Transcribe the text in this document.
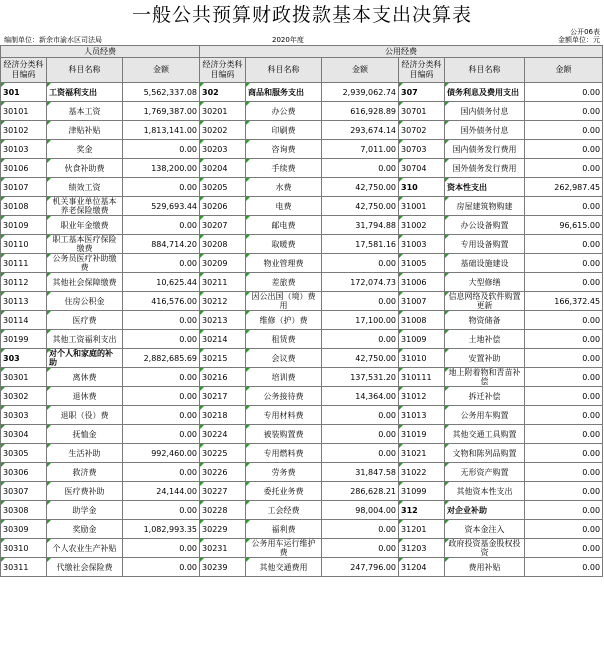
一般公共预算财政拨款基本支出决算表
公开06表
编制单位：新余市渝水区司法局	2020年度	金额单位：元
人员经费			公用经费					
经济分类科目编码	科目名称	金额	经济分类科目编码	科目名称	金额	经济分类科目编码	科目名称	金额
301	工资福利支出	5,562,337.08	302	商品和服务支出	2,939,062.74	307	债务利息及费用支出	0.00
30101	基本工资	1,769,387.00	30201	办公费	616,928.89	30701	国内债务付息	0.00
30102	津贴补贴	1,813,141.00	30202	印刷费	293,674.14	30702	国外债务付息	0.00
30103	奖金	0.00	30203	咨询费	7,011.00	30703	国内债务发行费用	0.00
30106	伙食补助费	138,200.00	30204	手续费	0.00	30704	国外债务发行费用	0.00
30107	绩效工资	0.00	30205	水费	42,750.00	310	资本性支出	262,987.45
30108	机关事业单位基本养老保险缴费	529,693.44	30206	电费	42,750.00	31001	房屋建筑物购建	0.00
30109	职业年金缴费	0.00	30207	邮电费	31,794.88	31002	办公设备购置	96,615.00
30110	职工基本医疗保险缴费	884,714.20	30208	取暖费	17,581.16	31003	专用设备购置	0.00
30111	公务员医疗补助缴费	0.00	30209	物业管理费	0.00	31005	基础设施建设	0.00
30112	其他社会保障缴费	10,625.44	30211	差旅费	172,074.73	31006	大型修缮	0.00
30113	住房公积金	416,576.00	30212	因公出国（境）费用	0.00	31007	信息网络及软件购置更新	166,372.45
30114	医疗费	0.00	30213	维修（护）费	17,100.00	31008	物资储备	0.00
30199	其他工资福利支出	0.00	30214	租赁费	0.00	31009	土地补偿	0.00
303	对个人和家庭的补助	2,882,685.69	30215	会议费	42,750.00	31010	安置补助	0.00
30301	离休费	0.00	30216	培训费	137,531.20	310111	地上附着物和青苗补偿	0.00
30302	退休费	0.00	30217	公务接待费	14,364.00	31012	拆迁补偿	0.00
30303	退职（役）费	0.00	30218	专用材料费	0.00	31013	公务用车购置	0.00
30304	抚恤金	0.00	30224	被装购置费	0.00	31019	其他交通工具购置	0.00
30305	生活补助	992,460.00	30225	专用燃料费	0.00	31021	文物和陈列品购置	0.00
30306	救济费	0.00	30226	劳务费	31,847.58	31022	无形资产购置	0.00
30307	医疗费补助	24,144.00	30227	委托业务费	286,628.21	31099	其他资本性支出	0.00
30308	助学金	0.00	30228	工会经费	98,004.00	312	对企业补助	0.00
30309	奖励金	1,082,993.35	30229	福利费	0.00	31201	资本金注入	0.00
30310	个人农业生产补贴	0.00	30231	公务用车运行维护费	0.00	31203	政府投资基金股权投资	0.00
30311	代缴社会保险费	0.00	30239	其他交通费用	247,796.00	31204	费用补贴	0.00
